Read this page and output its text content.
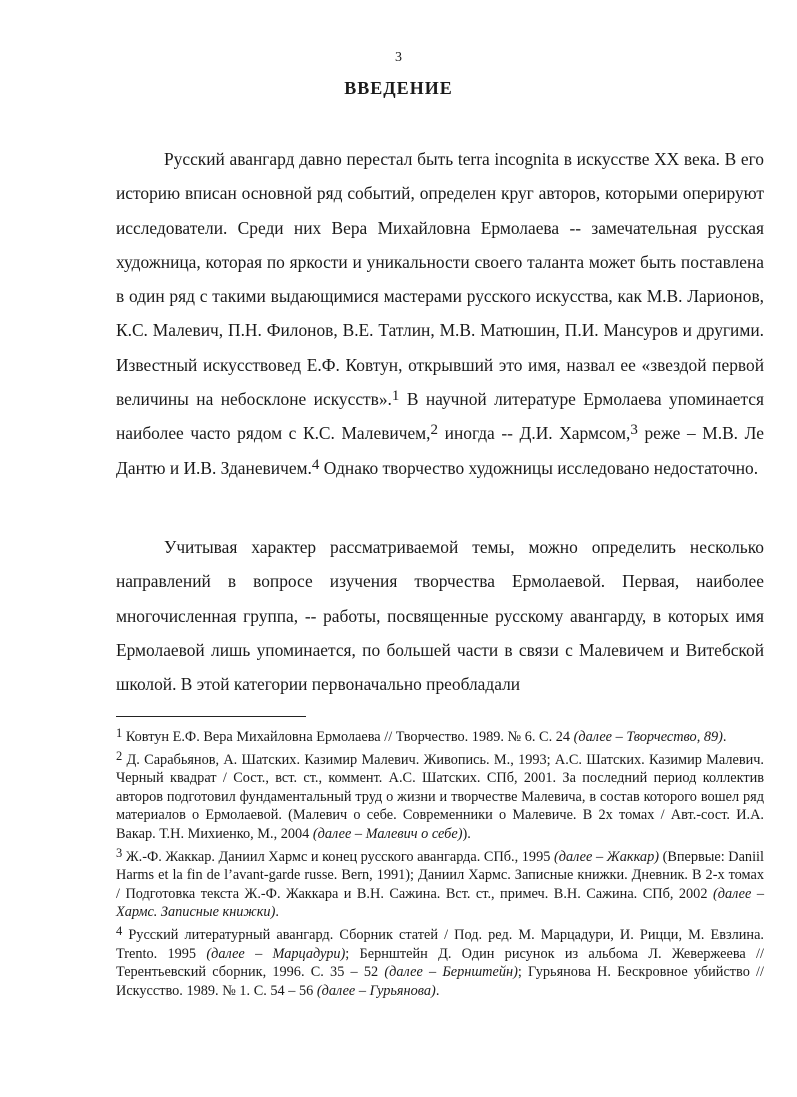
3
ВВЕДЕНИЕ

Русский авангард давно перестал быть terra incognita в искусстве XX века. В его историю вписан основной ряд событий, определен круг авторов, которыми оперируют исследователи. Среди них Вера Михайловна Ермолаева -- замечательная русская художница, которая по яркости и уникальности своего таланта может быть поставлена в один ряд с такими выдающимися мастерами русского искусства, как М.В. Ларионов, К.С. Малевич, П.Н. Филонов, В.Е. Татлин, М.В. Матюшин, П.И. Мансуров и другими. Известный искусствовед Е.Ф. Ковтун, открывший это имя, назвал ее «звездой первой величины на небосклоне искусств».$^1$ В научной литературе Ермолаева упоминается наиболее часто рядом с К.С. Малевичем,$^2$ иногда -- Д.И. Хармсом,$^3$ реже – М.В. Ле Дантю и И.В. Зданевичем.$^4$ Однако творчество художницы исследовано недостаточно.

Учитывая характер рассматриваемой темы, можно определить несколько направлений в вопросе изучения творчества Ермолаевой. Первая, наиболее многочисленная группа, -- работы, посвященные русскому авангарду, в которых имя Ермолаевой лишь упоминается, по большей части в связи с Малевичем и Витебской школой. В этой категории первоначально преобладали

$^1$ Ковтун Е.Ф. Вера Михайловна Ермолаева // Творчество. 1989. № 6. С. 24 (далее – Творчество, 89).

$^2$ Д. Сарабьянов, А. Шатских. Казимир Малевич. Живопись. М., 1993; А.С. Шатских. Казимир Малевич. Черный квадрат / Сост., вст. ст., коммент. А.С. Шатских. СПб, 2001. За последний период коллектив авторов подготовил фундаментальный труд о жизни и творчестве Малевича, в состав которого вошел ряд материалов о Ермолаевой. (Малевич о себе. Современники о Малевиче. В 2х томах / Авт.-сост. И.А. Вакар. Т.Н. Михиенко, М., 2004 (далее – Малевич о себе)).

$^3$ Ж.-Ф. Жаккар. Даниил Хармс и конец русского авангарда. СПб., 1995 (далее – Жаккар) (Впервые: Daniil Harms et la fin de l’avant-garde russe. Bern, 1991); Даниил Хармс. Записные книжки. Дневник. В 2-х томах / Подготовка текста Ж.-Ф. Жаккара и В.Н. Сажина. Вст. ст., примеч. В.Н. Сажина. СПб, 2002 (далее – Хармс. Записные книжки).

$^4$ Русский литературный авангард. Сборник статей / Под. ред. М. Марцадури, И. Рицци, М. Евзлина. Trento. 1995 (далее – Марцадури); Бернштейн Д. Один рисунок из альбома Л. Жевержеева // Терентьевский сборник, 1996. С. 35 – 52 (далее – Бернштейн); Гурьянова Н. Бескровное убийство // Искусство. 1989. № 1. С. 54 – 56 (далее – Гурьянова).
